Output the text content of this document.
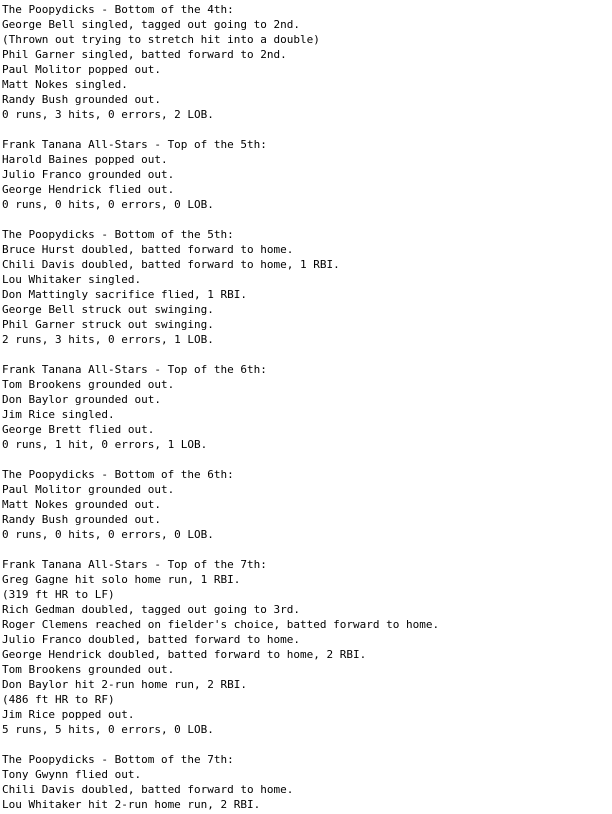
The Poopydicks - Bottom of the 4th:
George Bell singled, tagged out going to 2nd.
(Thrown out trying to stretch hit into a double)
Phil Garner singled, batted forward to 2nd.
Paul Molitor popped out.
Matt Nokes singled.
Randy Bush grounded out.
0 runs, 3 hits, 0 errors, 2 LOB.
Frank Tanana All-Stars - Top of the 5th:
Harold Baines popped out.
Julio Franco grounded out.
George Hendrick flied out.
0 runs, 0 hits, 0 errors, 0 LOB.
The Poopydicks - Bottom of the 5th:
Bruce Hurst doubled, batted forward to home.
Chili Davis doubled, batted forward to home, 1 RBI.
Lou Whitaker singled.
Don Mattingly sacrifice flied, 1 RBI.
George Bell struck out swinging.
Phil Garner struck out swinging.
2 runs, 3 hits, 0 errors, 1 LOB.
Frank Tanana All-Stars - Top of the 6th:
Tom Brookens grounded out.
Don Baylor grounded out.
Jim Rice singled.
George Brett flied out.
0 runs, 1 hit, 0 errors, 1 LOB.
The Poopydicks - Bottom of the 6th:
Paul Molitor grounded out.
Matt Nokes grounded out.
Randy Bush grounded out.
0 runs, 0 hits, 0 errors, 0 LOB.
Frank Tanana All-Stars - Top of the 7th:
Greg Gagne hit solo home run, 1 RBI.
(319 ft HR to LF)
Rich Gedman doubled, tagged out going to 3rd.
Roger Clemens reached on fielder's choice, batted forward to home.
Julio Franco doubled, batted forward to home.
George Hendrick doubled, batted forward to home, 2 RBI.
Tom Brookens grounded out.
Don Baylor hit 2-run home run, 2 RBI.
(486 ft HR to RF)
Jim Rice popped out.
5 runs, 5 hits, 0 errors, 0 LOB.
The Poopydicks - Bottom of the 7th:
Tony Gwynn flied out.
Chili Davis doubled, batted forward to home.
Lou Whitaker hit 2-run home run, 2 RBI.
